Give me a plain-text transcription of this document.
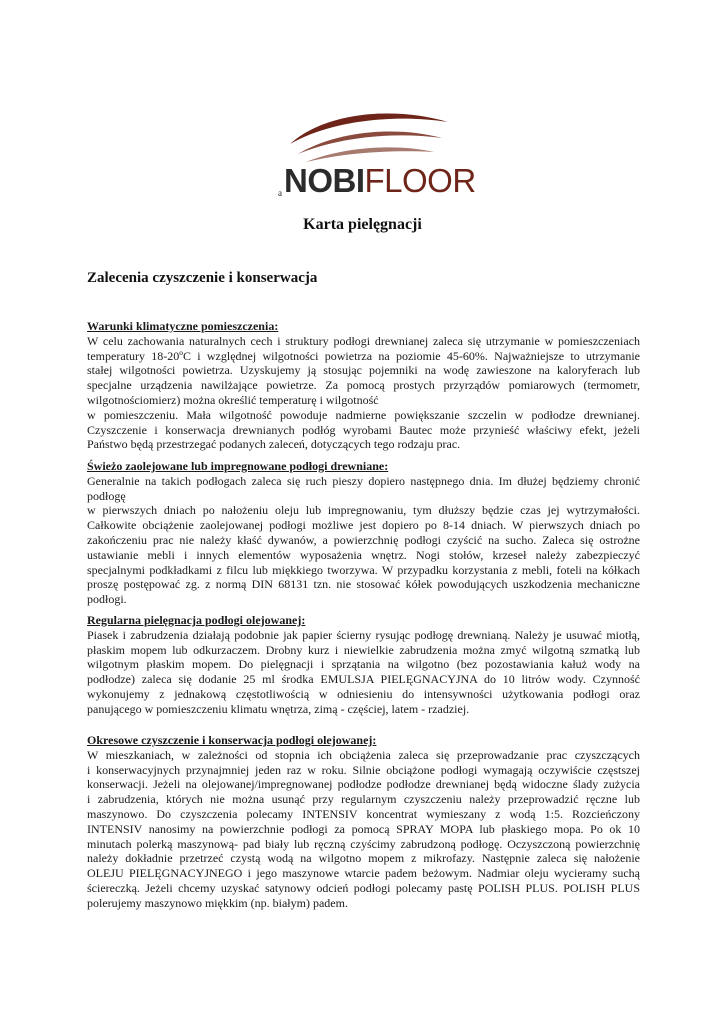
a NOBIFLOOR
Karta pielęgnacji
Zalecenia czyszczenie i konserwacja
Warunki klimatyczne pomieszczenia:

W celu zachowania naturalnych cech i struktury podłogi drewnianej zaleca się utrzymanie w pomieszczeniach

temperatury 18-20ºC i względnej wilgotności powietrza na poziomie 45-60%. Najważniejsze to utrzymanie

stałej wilgotności powietrza. Uzyskujemy ją stosując pojemniki na wodę zawieszone na kaloryferach lub

specjalne urządzenia nawilżające powietrze. Za pomocą prostych przyrządów pomiarowych (termometr,

wilgotnościomierz) można określić temperaturę i wilgotność

w pomieszczeniu. Mała wilgotność powoduje nadmierne powiększanie szczelin w podłodze drewnianej.

Czyszczenie i konserwacja drewnianych podłóg wyrobami Bautec może przynieść właściwy efekt, jeżeli

Państwo będą przestrzegać podanych zaleceń, dotyczących tego rodzaju prac.

Świeżo zaolejowane lub impregnowane podłogi drewniane:

Generalnie na takich podłogach zaleca się ruch pieszy dopiero następnego dnia. Im dłużej będziemy chronić

podłogę

w pierwszych dniach po nałożeniu oleju lub impregnowaniu, tym dłuższy będzie czas jej wytrzymałości.

Całkowite obciążenie zaolejowanej podłogi możliwe jest dopiero po 8-14 dniach. W pierwszych dniach po

zakończeniu prac nie należy kłaść dywanów, a powierzchnię podłogi czyścić na sucho. Zaleca się ostrożne

ustawianie mebli i innych elementów wyposażenia wnętrz. Nogi stołów, krzeseł należy zabezpieczyć

specjalnymi podkładkami z filcu lub miękkiego tworzywa. W przypadku korzystania z mebli, foteli na kółkach

proszę postępować zg. z normą DIN 68131 tzn. nie stosować kółek powodujących uszkodzenia mechaniczne

podłogi.

Regularna pielęgnacja podłogi olejowanej:

Piasek i zabrudzenia działają podobnie jak papier ścierny rysując podłogę drewnianą. Należy je usuwać miotłą,

płaskim mopem lub odkurzaczem. Drobny kurz i niewielkie zabrudzenia można zmyć wilgotną szmatką lub

wilgotnym płaskim mopem. Do pielęgnacji i sprzątania na wilgotno (bez pozostawiania kałuż wody na

podłodze) zaleca się dodanie 25 ml środka EMULSJA PIELĘGNACYJNA do 10 litrów wody. Czynność

wykonujemy z jednakową częstotliwością w odniesieniu do intensywności użytkowania podłogi oraz

panującego w pomieszczeniu klimatu wnętrza, zimą - częściej, latem - rzadziej.

Okresowe czyszczenie i konserwacja podłogi olejowanej:

W mieszkaniach, w zależności od stopnia ich obciążenia zaleca się przeprowadzanie prac czyszczących

i konserwacyjnych przynajmniej jeden raz w roku. Silnie obciążone podłogi wymagają oczywiście częstszej

konserwacji. Jeżeli na olejowanej/impregnowanej podłodze podłodze drewnianej będą widoczne ślady zużycia

i zabrudzenia, których nie można usunąć przy regularnym czyszczeniu należy przeprowadzić ręczne lub

maszynowo. Do czyszczenia polecamy INTENSIV koncentrat wymieszany z wodą 1:5. Rozcieńczony

INTENSIV nanosimy na powierzchnie podłogi za pomocą SPRAY MOPA lub płaskiego mopa. Po ok 10

minutach polerką maszynową- pad biały lub ręczną czyścimy zabrudzoną podłogę. Oczyszczoną powierzchnię

należy dokładnie przetrzeć czystą wodą na wilgotno mopem z mikrofazy. Następnie zaleca się nałożenie

OLEJU PIELĘGNACYJNEGO i jego maszynowe wtarcie padem beżowym. Nadmiar oleju wycieramy suchą

ściereczką. Jeżeli chcemy uzyskać satynowy odcień podłogi polecamy pastę POLISH PLUS. POLISH PLUS

polerujemy maszynowo miękkim (np. białym) padem.
